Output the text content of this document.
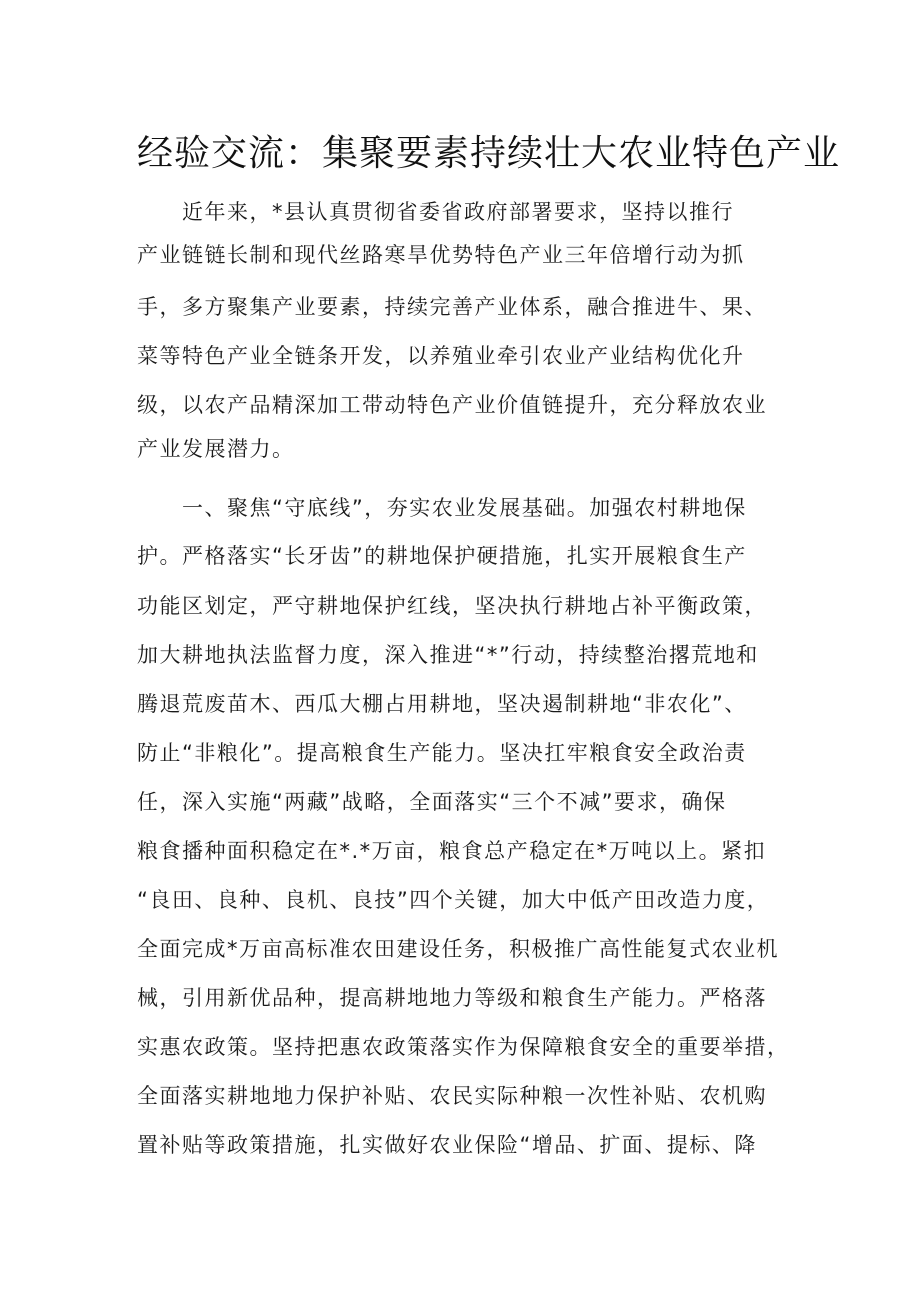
经验交流：集聚要素持续壮大农业特色产业
　　近年来，*县认真贯彻省委省政府部署要求，坚持以推行
产业链链长制和现代丝路寒旱优势特色产业三年倍增行动为抓
手，多方聚集产业要素，持续完善产业体系，融合推进牛、果、
菜等特色产业全链条开发，以养殖业牵引农业产业结构优化升
级，以农产品精深加工带动特色产业价值链提升，充分释放农业
产业发展潜力。
　　一、聚焦“守底线”，夯实农业发展基础。加强农村耕地保
护。严格落实“长牙齿”的耕地保护硬措施，扎实开展粮食生产
功能区划定，严守耕地保护红线，坚决执行耕地占补平衡政策，
加大耕地执法监督力度，深入推进“*”行动，持续整治撂荒地和
腾退荒废苗木、西瓜大棚占用耕地，坚决遏制耕地“非农化”、
防止“非粮化”。提高粮食生产能力。坚决扛牢粮食安全政治责
任，深入实施“两藏”战略，全面落实“三个不减”要求，确保
粮食播种面积稳定在*.*万亩，粮食总产稳定在*万吨以上。紧扣
“良田、良种、良机、良技”四个关键，加大中低产田改造力度，
全面完成*万亩高标准农田建设任务，积极推广高性能复式农业机
械，引用新优品种，提高耕地地力等级和粮食生产能力。严格落
实惠农政策。坚持把惠农政策落实作为保障粮食安全的重要举措，
全面落实耕地地力保护补贴、农民实际种粮一次性补贴、农机购
置补贴等政策措施，扎实做好农业保险“增品、扩面、提标、降
